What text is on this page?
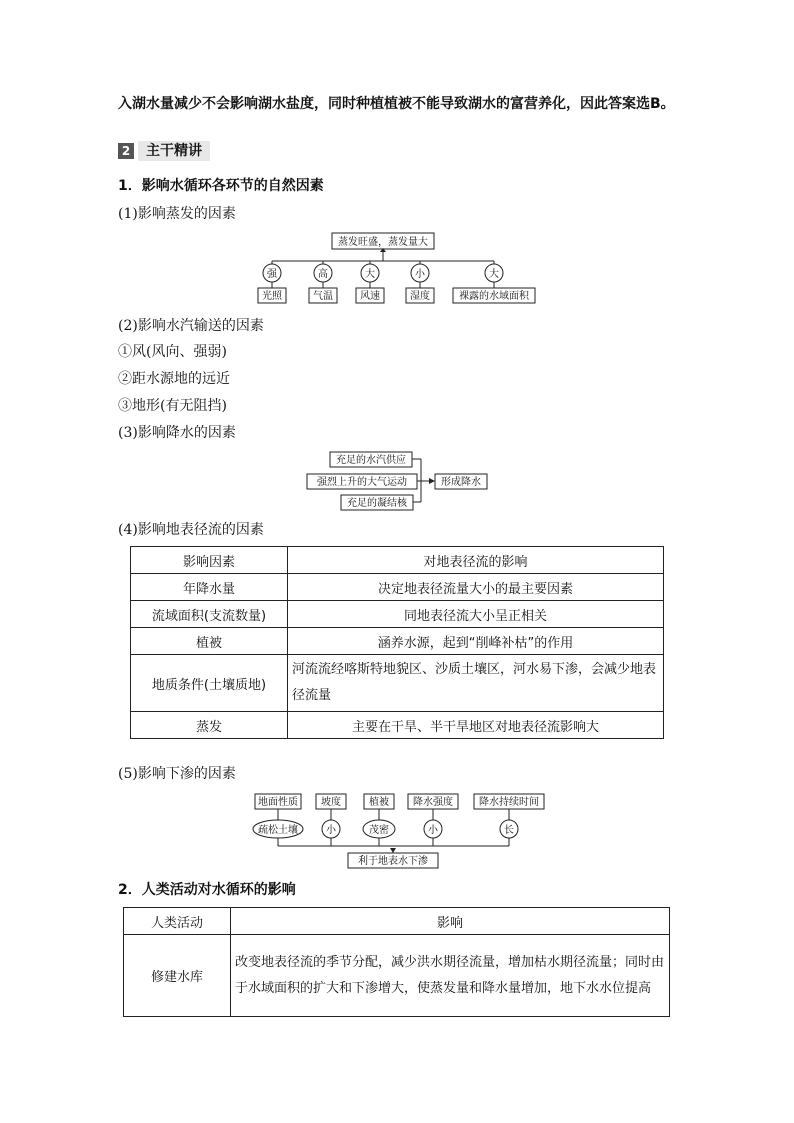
入湖水量减少不会影响湖水盐度，同时种植植被不能导致湖水的富营养化，因此答案选B。
2	主干精讲
1．影响水循环各环节的自然因素
(1)影响蒸发的因素
蒸发旺盛，蒸发量大
强
光照
高
气温
大
风速
小
湿度
大
裸露的水域面积
(2)影响水汽输送的因素
①风(风向、强弱)
②距水源地的远近
③地形(有无阻挡)
(3)影响降水的因素
充足的水汽供应
强烈上升的大气运动
充足的凝结核
形成降水
(4)影响地表径流的因素
影响因素	对地表径流的影响
年降水量	决定地表径流量大小的最主要因素
流域面积(支流数量)	同地表径流大小呈正相关
植被	涵养水源，起到“削峰补枯”的作用
地质条件(土壤质地)	河流流经喀斯特地貌区、沙质土壤区，河水易下渗，会减少地表径流量
蒸发	主要在干旱、半干旱地区对地表径流影响大
(5)影响下渗的因素
地面性质
疏松土壤
坡度
小
植被
茂密
降水强度
小
降水持续时间
长
利于地表水下渗
2．人类活动对水循环的影响
人类活动	影响
修建水库	改变地表径流的季节分配，减少洪水期径流量，增加枯水期径流量；同时由于水域面积的扩大和下渗增大，使蒸发量和降水量增加，地下水水位提高
